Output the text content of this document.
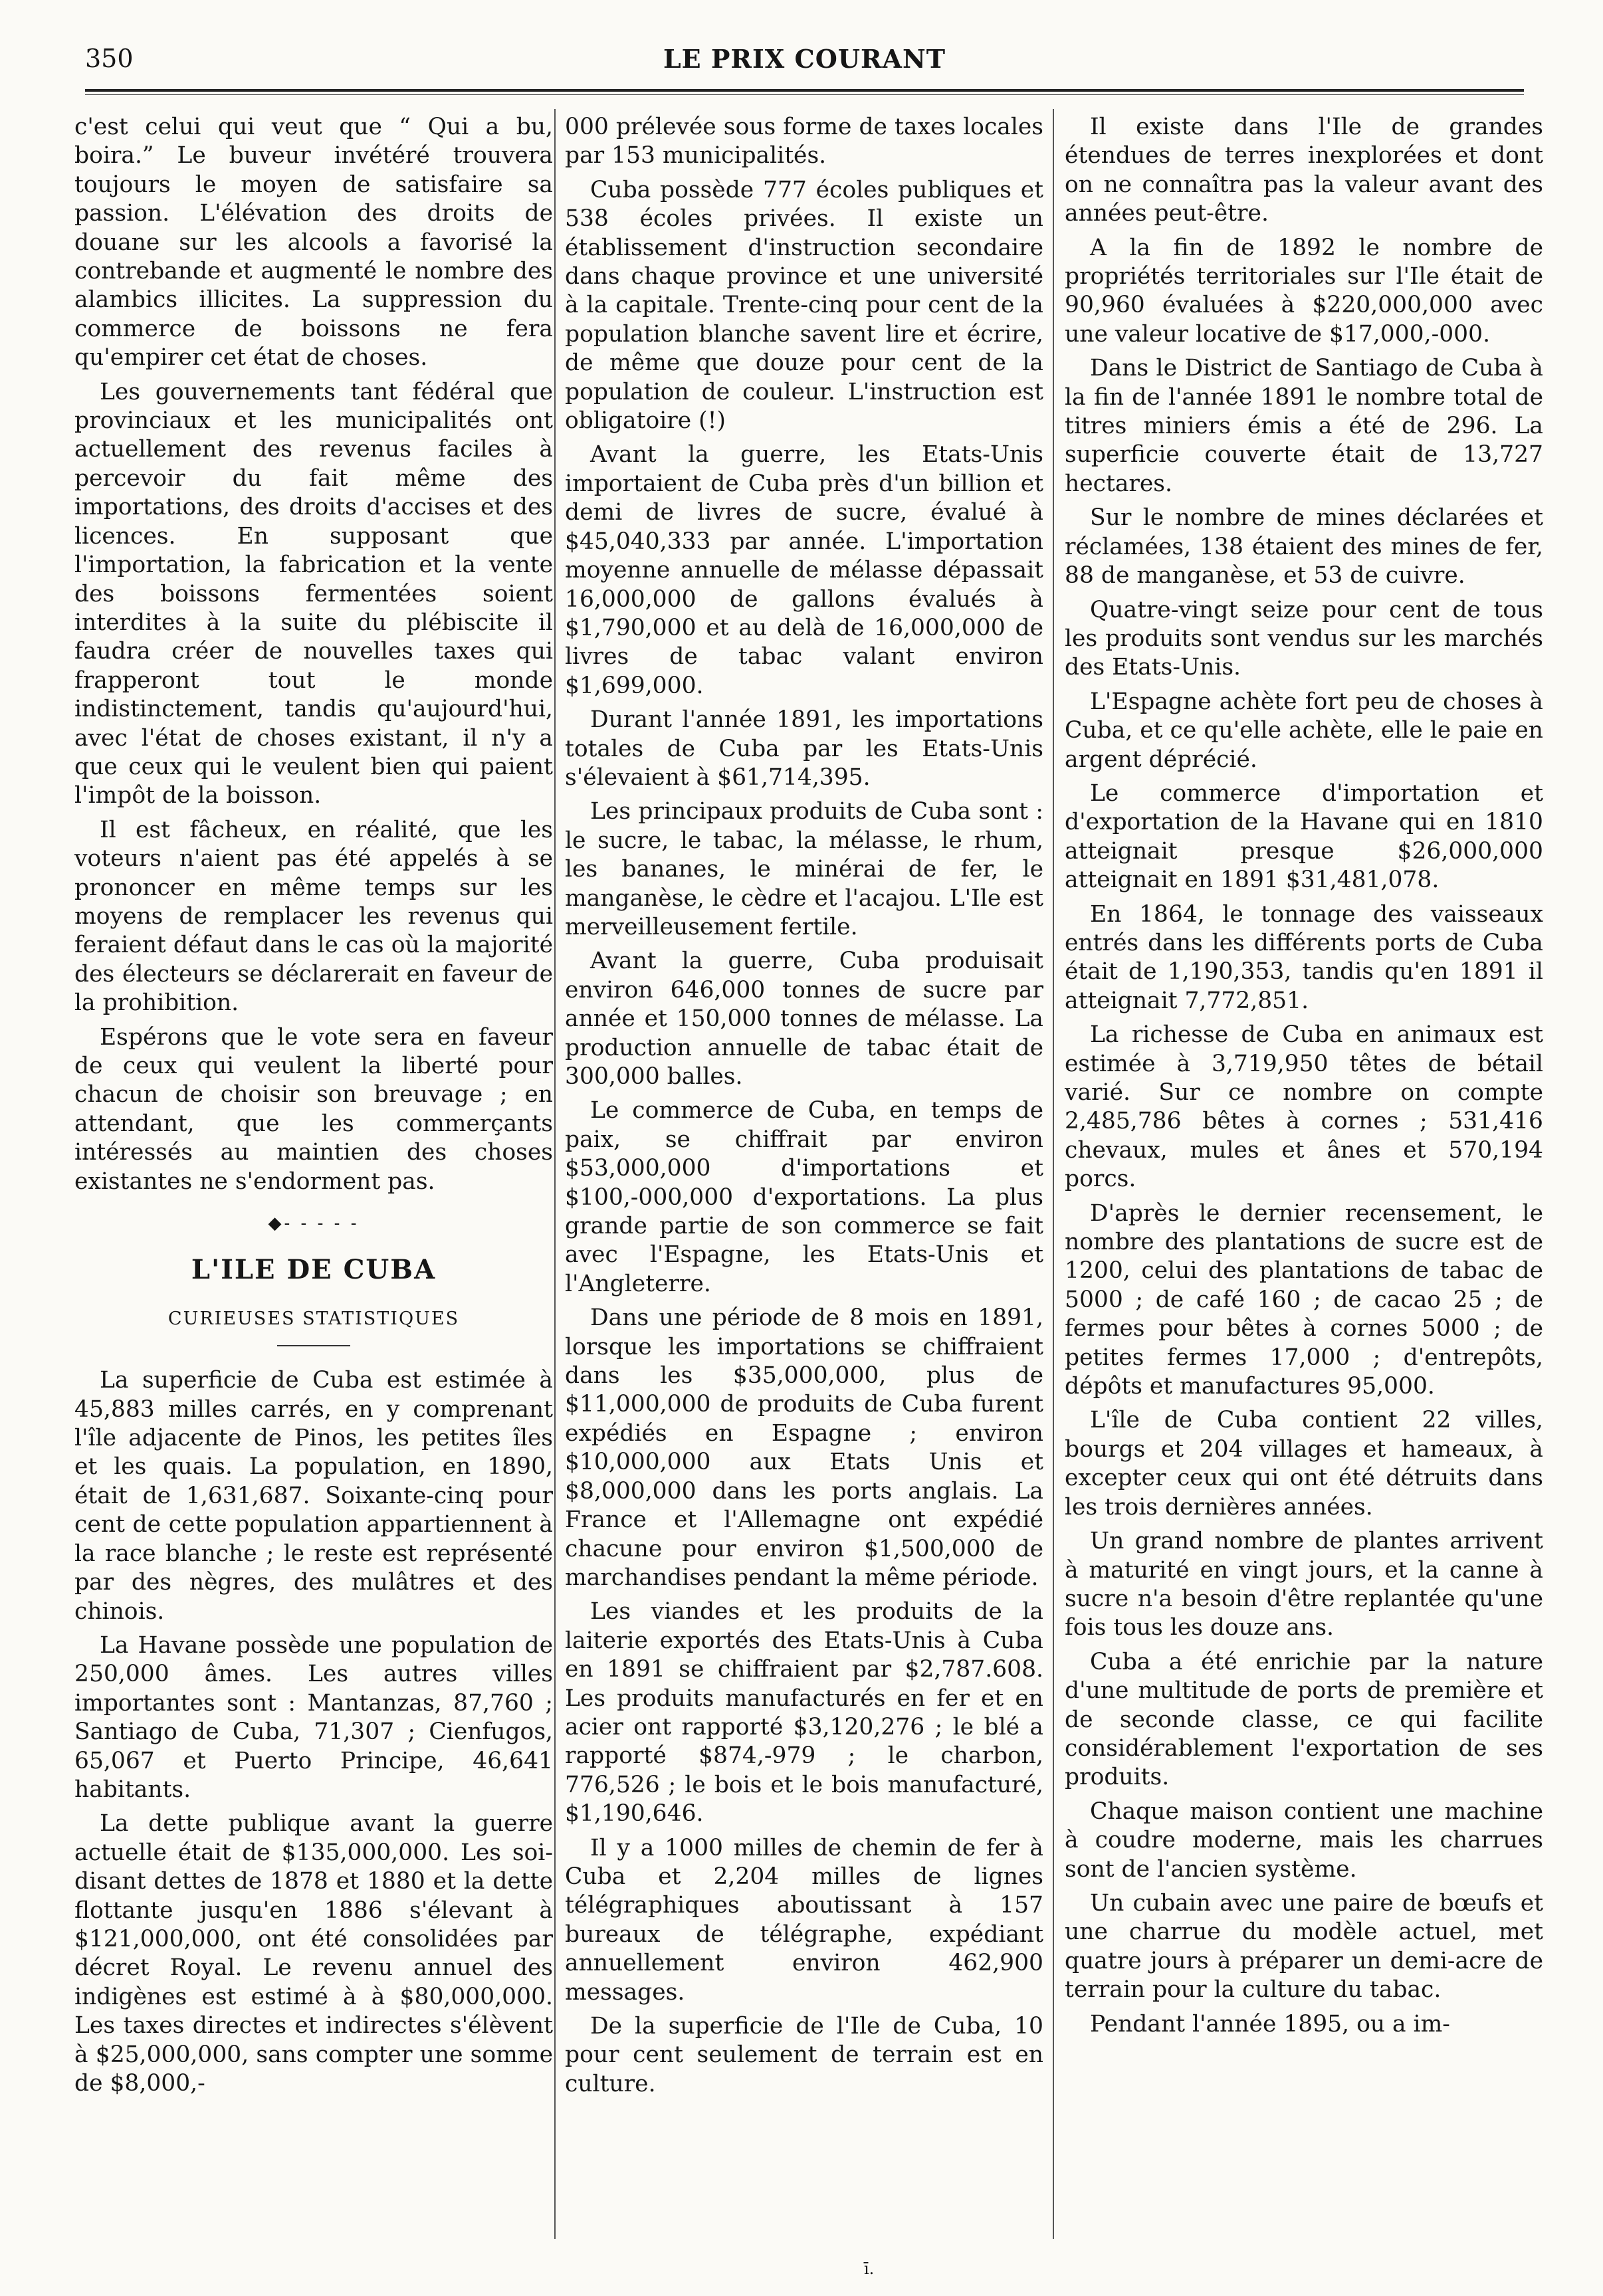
350	LE PRIX COURANT

c'est celui qui veut que “ Qui a bu, boira.” Le buveur invétéré trouvera toujours le moyen de satisfaire sa passion. L'élévation des droits de douane sur les alcools a favorisé la contrebande et augmenté le nombre des alambics illicites. La suppression du commerce de boissons ne fera qu'empirer cet état de choses.

Les gouvernements tant fédéral que provinciaux et les municipalités ont actuellement des revenus faciles à percevoir du fait même des importations, des droits d'accises et des licences. En supposant que l'importation, la fabrication et la vente des boissons fermentées soient interdites à la suite du plébiscite il faudra créer de nouvelles taxes qui frapperont tout le monde indistinctement, tandis qu'aujourd'hui, avec l'état de choses existant, il n'y a que ceux qui le veulent bien qui paient l'impôt de la boisson.

Il est fâcheux, en réalité, que les voteurs n'aient pas été appelés à se prononcer en même temps sur les moyens de remplacer les revenus qui feraient défaut dans le cas où la majorité des électeurs se déclarerait en faveur de la prohibition.

Espérons que le vote sera en faveur de ceux qui veulent la liberté pour chacun de choisir son breuvage ; en attendant, que les commerçants intéressés au maintien des choses existantes ne s'endorment pas.

◆- - - - -
L'ILE DE CUBA
CURIEUSES STATISTIQUES

La superficie de Cuba est estimée à 45,883 milles carrés, en y comprenant l'île adjacente de Pinos, les petites îles et les quais. La population, en 1890, était de 1,631,687. Soixante-cinq pour cent de cette population appartiennent à la race blanche ; le reste est représenté par des nègres, des mulâtres et des chinois.

La Havane possède une population de 250,000 âmes. Les autres villes importantes sont : Mantanzas, 87,760 ; Santiago de Cuba, 71,307 ; Cienfugos, 65,067 et Puerto Principe, 46,641 habitants.

La dette publique avant la guerre actuelle était de $135,000,000. Les soi-disant dettes de 1878 et 1880 et la dette flottante jusqu'en 1886 s'élevant à $121,000,000, ont été consolidées par décret Royal. Le revenu annuel des indigènes est estimé à à $80,000,000. Les taxes directes et indirectes s'élèvent à $25,000,000, sans compter une somme de $8,000,-

000 prélevée sous forme de taxes locales par 153 municipalités.

Cuba possède 777 écoles publiques et 538 écoles privées. Il existe un établissement d'instruction secondaire dans chaque province et une université à la capitale. Trente-cinq pour cent de la population blanche savent lire et écrire, de même que douze pour cent de la population de couleur. L'instruction est obligatoire (!)

Avant la guerre, les Etats-Unis importaient de Cuba près d'un billion et demi de livres de sucre, évalué à $45,040,333 par année. L'importation moyenne annuelle de mélasse dépassait 16,000,000 de gallons évalués à $1,790,000 et au delà de 16,000,000 de livres de tabac valant environ $1,699,000.

Durant l'année 1891, les importations totales de Cuba par les Etats-Unis s'élevaient à $61,714,395.

Les principaux produits de Cuba sont : le sucre, le tabac, la mélasse, le rhum, les bananes, le minérai de fer, le manganèse, le cèdre et l'acajou. L'Ile est merveilleusement fertile.

Avant la guerre, Cuba produisait environ 646,000 tonnes de sucre par année et 150,000 tonnes de mélasse. La production annuelle de tabac était de 300,000 balles.

Le commerce de Cuba, en temps de paix, se chiffrait par environ $53,000,000 d'importations et $100,-000,000 d'exportations. La plus grande partie de son commerce se fait avec l'Espagne, les Etats-Unis et l'Angleterre.

Dans une période de 8 mois en 1891, lorsque les importations se chiffraient dans les $35,000,000, plus de $11,000,000 de produits de Cuba furent expédiés en Espagne ; environ $10,000,000 aux Etats Unis et $8,000,000 dans les ports anglais. La France et l'Allemagne ont expédié chacune pour environ $1,500,000 de marchandises pendant la même période.

Les viandes et les produits de la laiterie exportés des Etats-Unis à Cuba en 1891 se chiffraient par $2,787.608. Les produits manufacturés en fer et en acier ont rapporté $3,120,276 ; le blé a rapporté $874,-979 ; le charbon, 776,526 ; le bois et le bois manufacturé, $1,190,646.

Il y a 1000 milles de chemin de fer à Cuba et 2,204 milles de lignes télégraphiques aboutissant à 157 bureaux de télégraphe, expédiant annuellement environ 462,900 messages.

De la superficie de l'Ile de Cuba, 10 pour cent seulement de terrain est en culture.

Il existe dans l'Ile de grandes étendues de terres inexplorées et dont on ne connaîtra pas la valeur avant des années peut-être.

A la fin de 1892 le nombre de propriétés territoriales sur l'Ile était de 90,960 évaluées à $220,000,000 avec une valeur locative de $17,000,-000.

Dans le District de Santiago de Cuba à la fin de l'année 1891 le nombre total de titres miniers émis a été de 296. La superficie couverte était de 13,727 hectares.

Sur le nombre de mines déclarées et réclamées, 138 étaient des mines de fer, 88 de manganèse, et 53 de cuivre.

Quatre-vingt seize pour cent de tous les produits sont vendus sur les marchés des Etats-Unis.

L'Espagne achète fort peu de choses à Cuba, et ce qu'elle achète, elle le paie en argent déprécié.

Le commerce d'importation et d'exportation de la Havane qui en 1810 atteignait presque $26,000,000 atteignait en 1891 $31,481,078.

En 1864, le tonnage des vaisseaux entrés dans les différents ports de Cuba était de 1,190,353, tandis qu'en 1891 il atteignait 7,772,851.

La richesse de Cuba en animaux est estimée à 3,719,950 têtes de bétail varié. Sur ce nombre on compte 2,485,786 bêtes à cornes ; 531,416 chevaux, mules et ânes et 570,194 porcs.

D'après le dernier recensement, le nombre des plantations de sucre est de 1200, celui des plantations de tabac de 5000 ; de café 160 ; de cacao 25 ; de fermes pour bêtes à cornes 5000 ; de petites fermes 17,000 ; d'entrepôts, dépôts et manufactures 95,000.

L'île de Cuba contient 22 villes, bourgs et 204 villages et hameaux, à excepter ceux qui ont été détruits dans les trois dernières années.

Un grand nombre de plantes arrivent à maturité en vingt jours, et la canne à sucre n'a besoin d'être replantée qu'une fois tous les douze ans.

Cuba a été enrichie par la nature d'une multitude de ports de première et de seconde classe, ce qui facilite considérablement l'exportation de ses produits.

Chaque maison contient une machine à coudre moderne, mais les charrues sont de l'ancien système.

Un cubain avec une paire de bœufs et une charrue du modèle actuel, met quatre jours à préparer un demi-acre de terrain pour la culture du tabac.

Pendant l'année 1895, ou a im-

ī.
